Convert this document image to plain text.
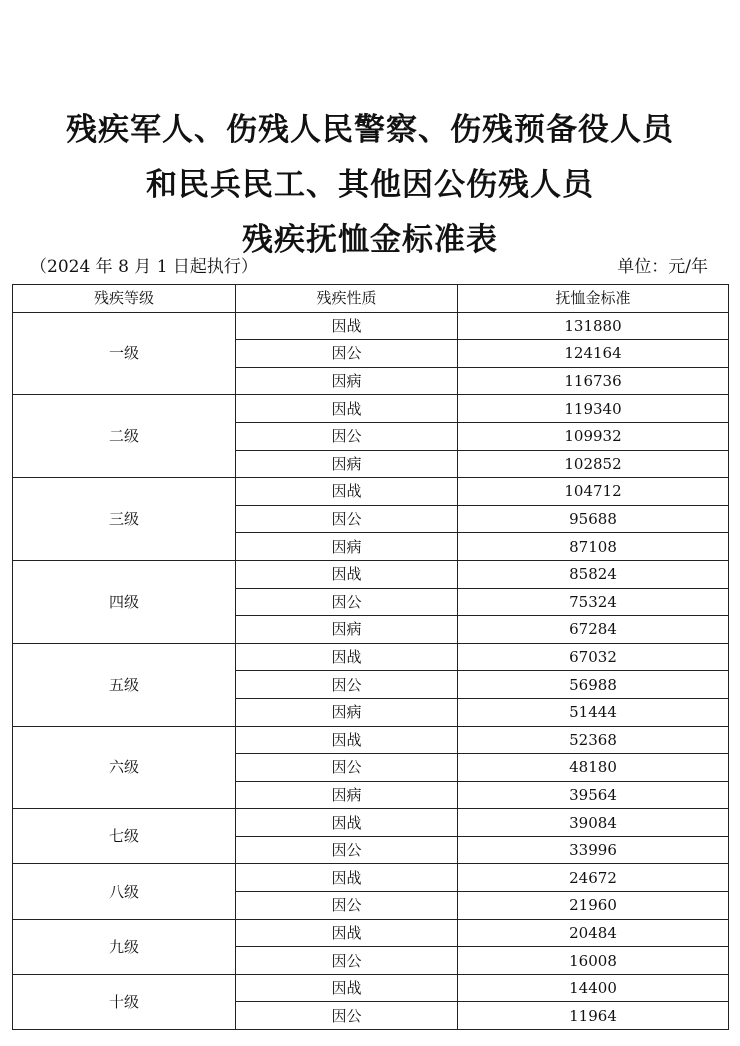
残疾军人、伤残人民警察、伤残预备役人员
和民兵民工、其他因公伤残人员
残疾抚恤金标准表
（2024 年 8 月 1 日起执行）	单位：元/年
残疾等级	残疾性质	抚恤金标准
一级	因战	131880
	因公	124164
	因病	116736
二级	因战	119340
	因公	109932
	因病	102852
三级	因战	104712
	因公	95688
	因病	87108
四级	因战	85824
	因公	75324
	因病	67284
五级	因战	67032
	因公	56988
	因病	51444
六级	因战	52368
	因公	48180
	因病	39564
七级	因战	39084
	因公	33996
八级	因战	24672
	因公	21960
九级	因战	20484
	因公	16008
十级	因战	14400
	因公	11964
